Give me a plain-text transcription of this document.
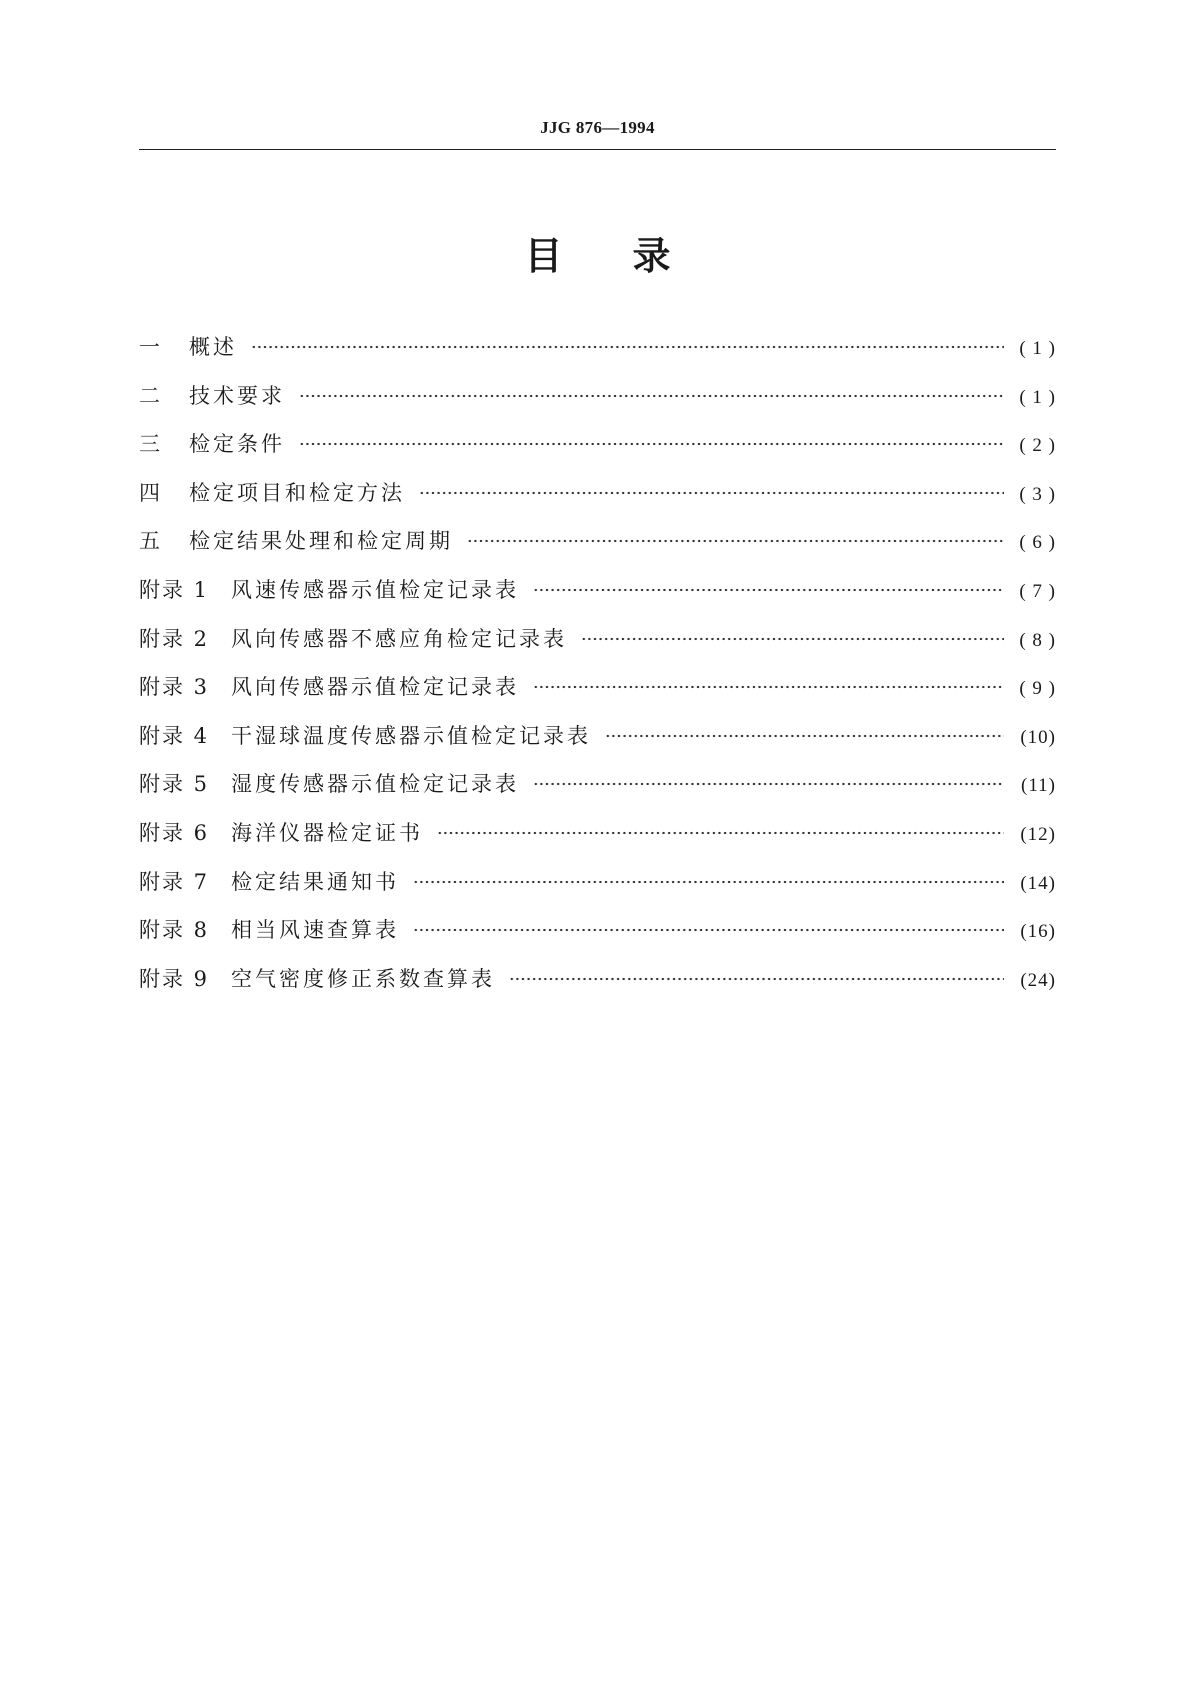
JJG 876—1994
目录
一	概述	( 1 )
二	技术要求	( 1 )
三	检定条件	( 2 )
四	检定项目和检定方法	( 3 )
五	检定结果处理和检定周期	( 6 )
附录 1	风速传感器示值检定记录表	( 7 )
附录 2	风向传感器不感应角检定记录表	( 8 )
附录 3	风向传感器示值检定记录表	( 9 )
附录 4	干湿球温度传感器示值检定记录表	(10)
附录 5	湿度传感器示值检定记录表	(11)
附录 6	海洋仪器检定证书	(12)
附录 7	检定结果通知书	(14)
附录 8	相当风速查算表	(16)
附录 9	空气密度修正系数查算表	(24)
